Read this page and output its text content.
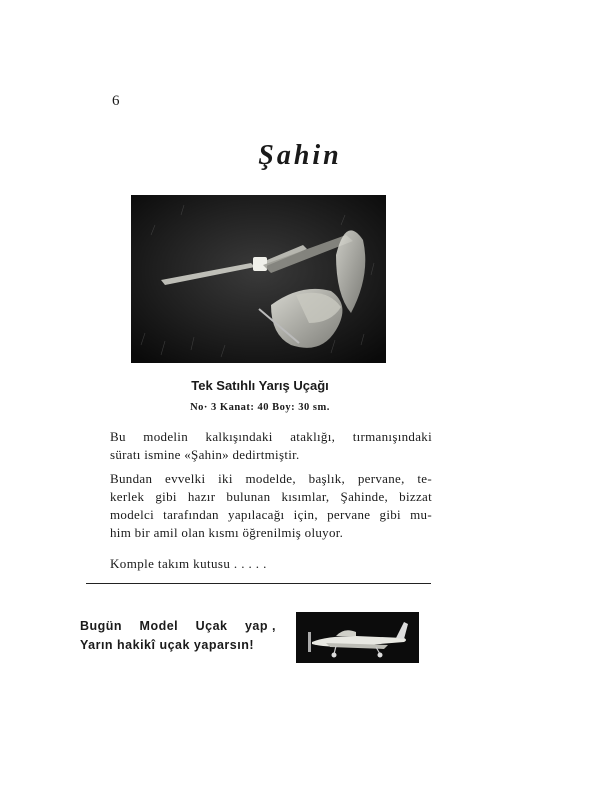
6
Şahin
Tek Satıhlı Yarış Uçağı
No· 3 Kanat: 40 Boy: 30 sm.
Bu modelin kalkışındaki ataklığı, tırmanışındaki
süratı ismine «Şahin» dedirtmiştir.
Bundan evvelki iki modelde, başlık, pervane, te-
kerlek gibi hazır bulunan kısımlar, Şahinde, bizzat
modelci tarafından yapılacağı için, pervane gibi mu-
him bir amil olan kısmı öğrenilmiş oluyor.
Komple takım kutusu . . . . .
Bugün Model Uçak yap ,
Yarın hakikî uçak yaparsın!
